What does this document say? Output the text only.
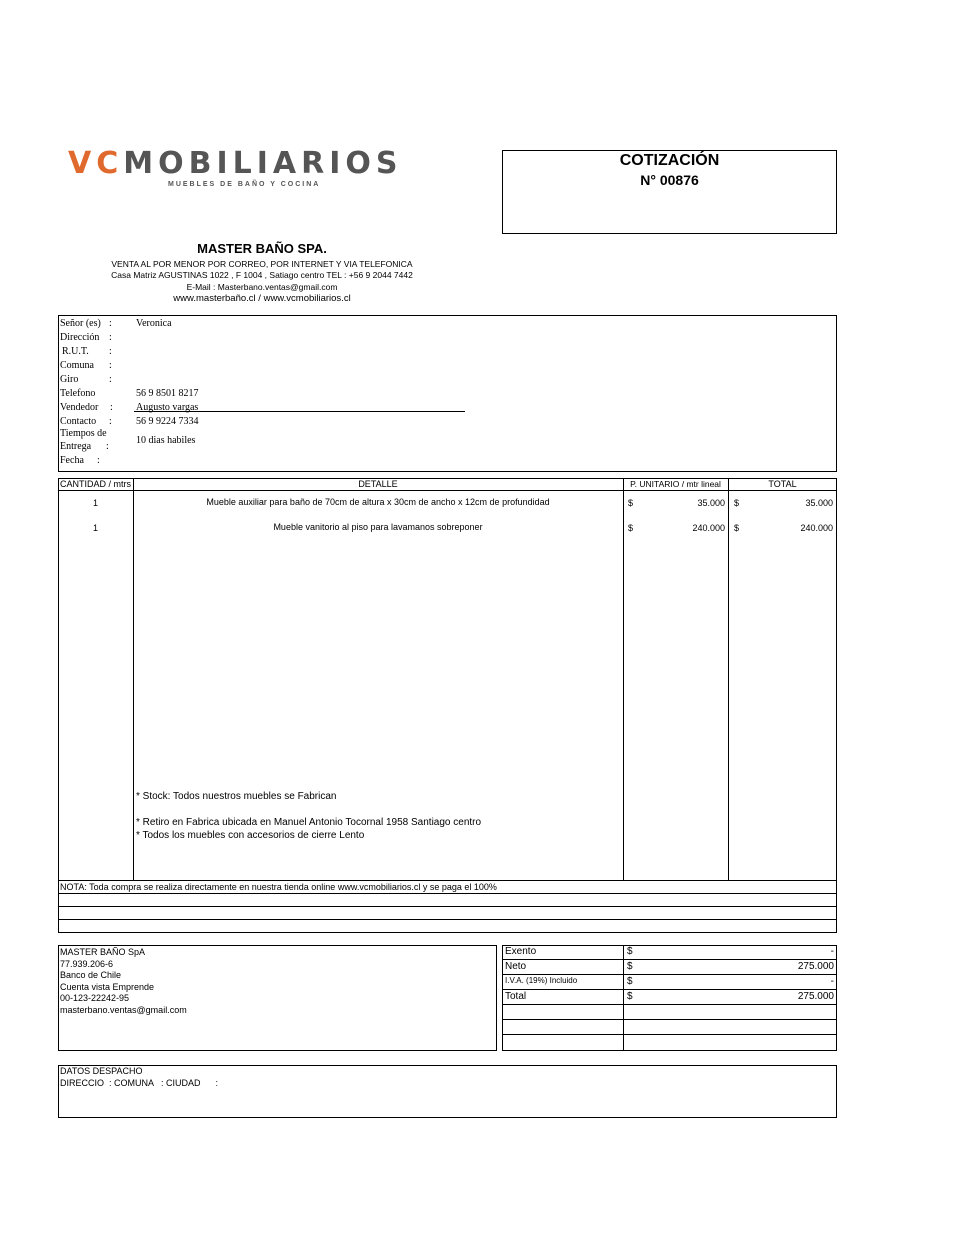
VCMOBILIARIOS
MUEBLES DE BAÑO Y COCINA
COTIZACIÓN
N° 00876
MASTER BAÑO SPA.
VENTA AL POR MENOR POR CORREO, POR INTERNET Y VIA TELEFONICA
Casa Matriz AGUSTINAS 1022 , F 1004 , Satiago centro TEL : +56 9 2044 7442
E-Mail : Masterbano.ventas@gmail.com
www.masterbaño.cl / www.vcmobiliarios.cl
Señor (es) : Veronica
Dirección :
R.U.T. :
Comuna :
Giro	:
Telefono	56 9 8501 8217
Vendedor : Augusto vargas
Contacto : 56 9 9224 7334
Tiempos de
Entrega :
10 dias habiles
Fecha :
CANTIDAD / mtrs	DETALLE	P. UNITARIO / mtr lineal	TOTAL
1	Mueble auxiliar para baño de 70cm de altura x 30cm de ancho x 12cm de profundidad	$	35.000 $	35.000
1	Mueble vanitorio al piso para lavamanos sobreponer	$	240.000 $	240.000
* Stock: Todos nuestros muebles se Fabrican
* Retiro en Fabrica ubicada en Manuel Antonio Tocornal 1958 Santiago centro
* Todos los muebles con accesorios de cierre Lento
NOTA: Toda compra se realiza directamente en nuestra tienda online www.vcmobiliarios.cl y se paga el 100%
MASTER BAÑO SpA
77.939.206-6
Banco de Chile
Cuenta vista Emprende
00-123-22242-95
masterbano.ventas@gmail.com
Exento	$	-
Neto	$	275.000
I.V.A. (19%) Incluido	$	-
Total	$	275.000
DATOS DESPACHO
DIRECCIO  : COMUNA   : CIUDAD      :
